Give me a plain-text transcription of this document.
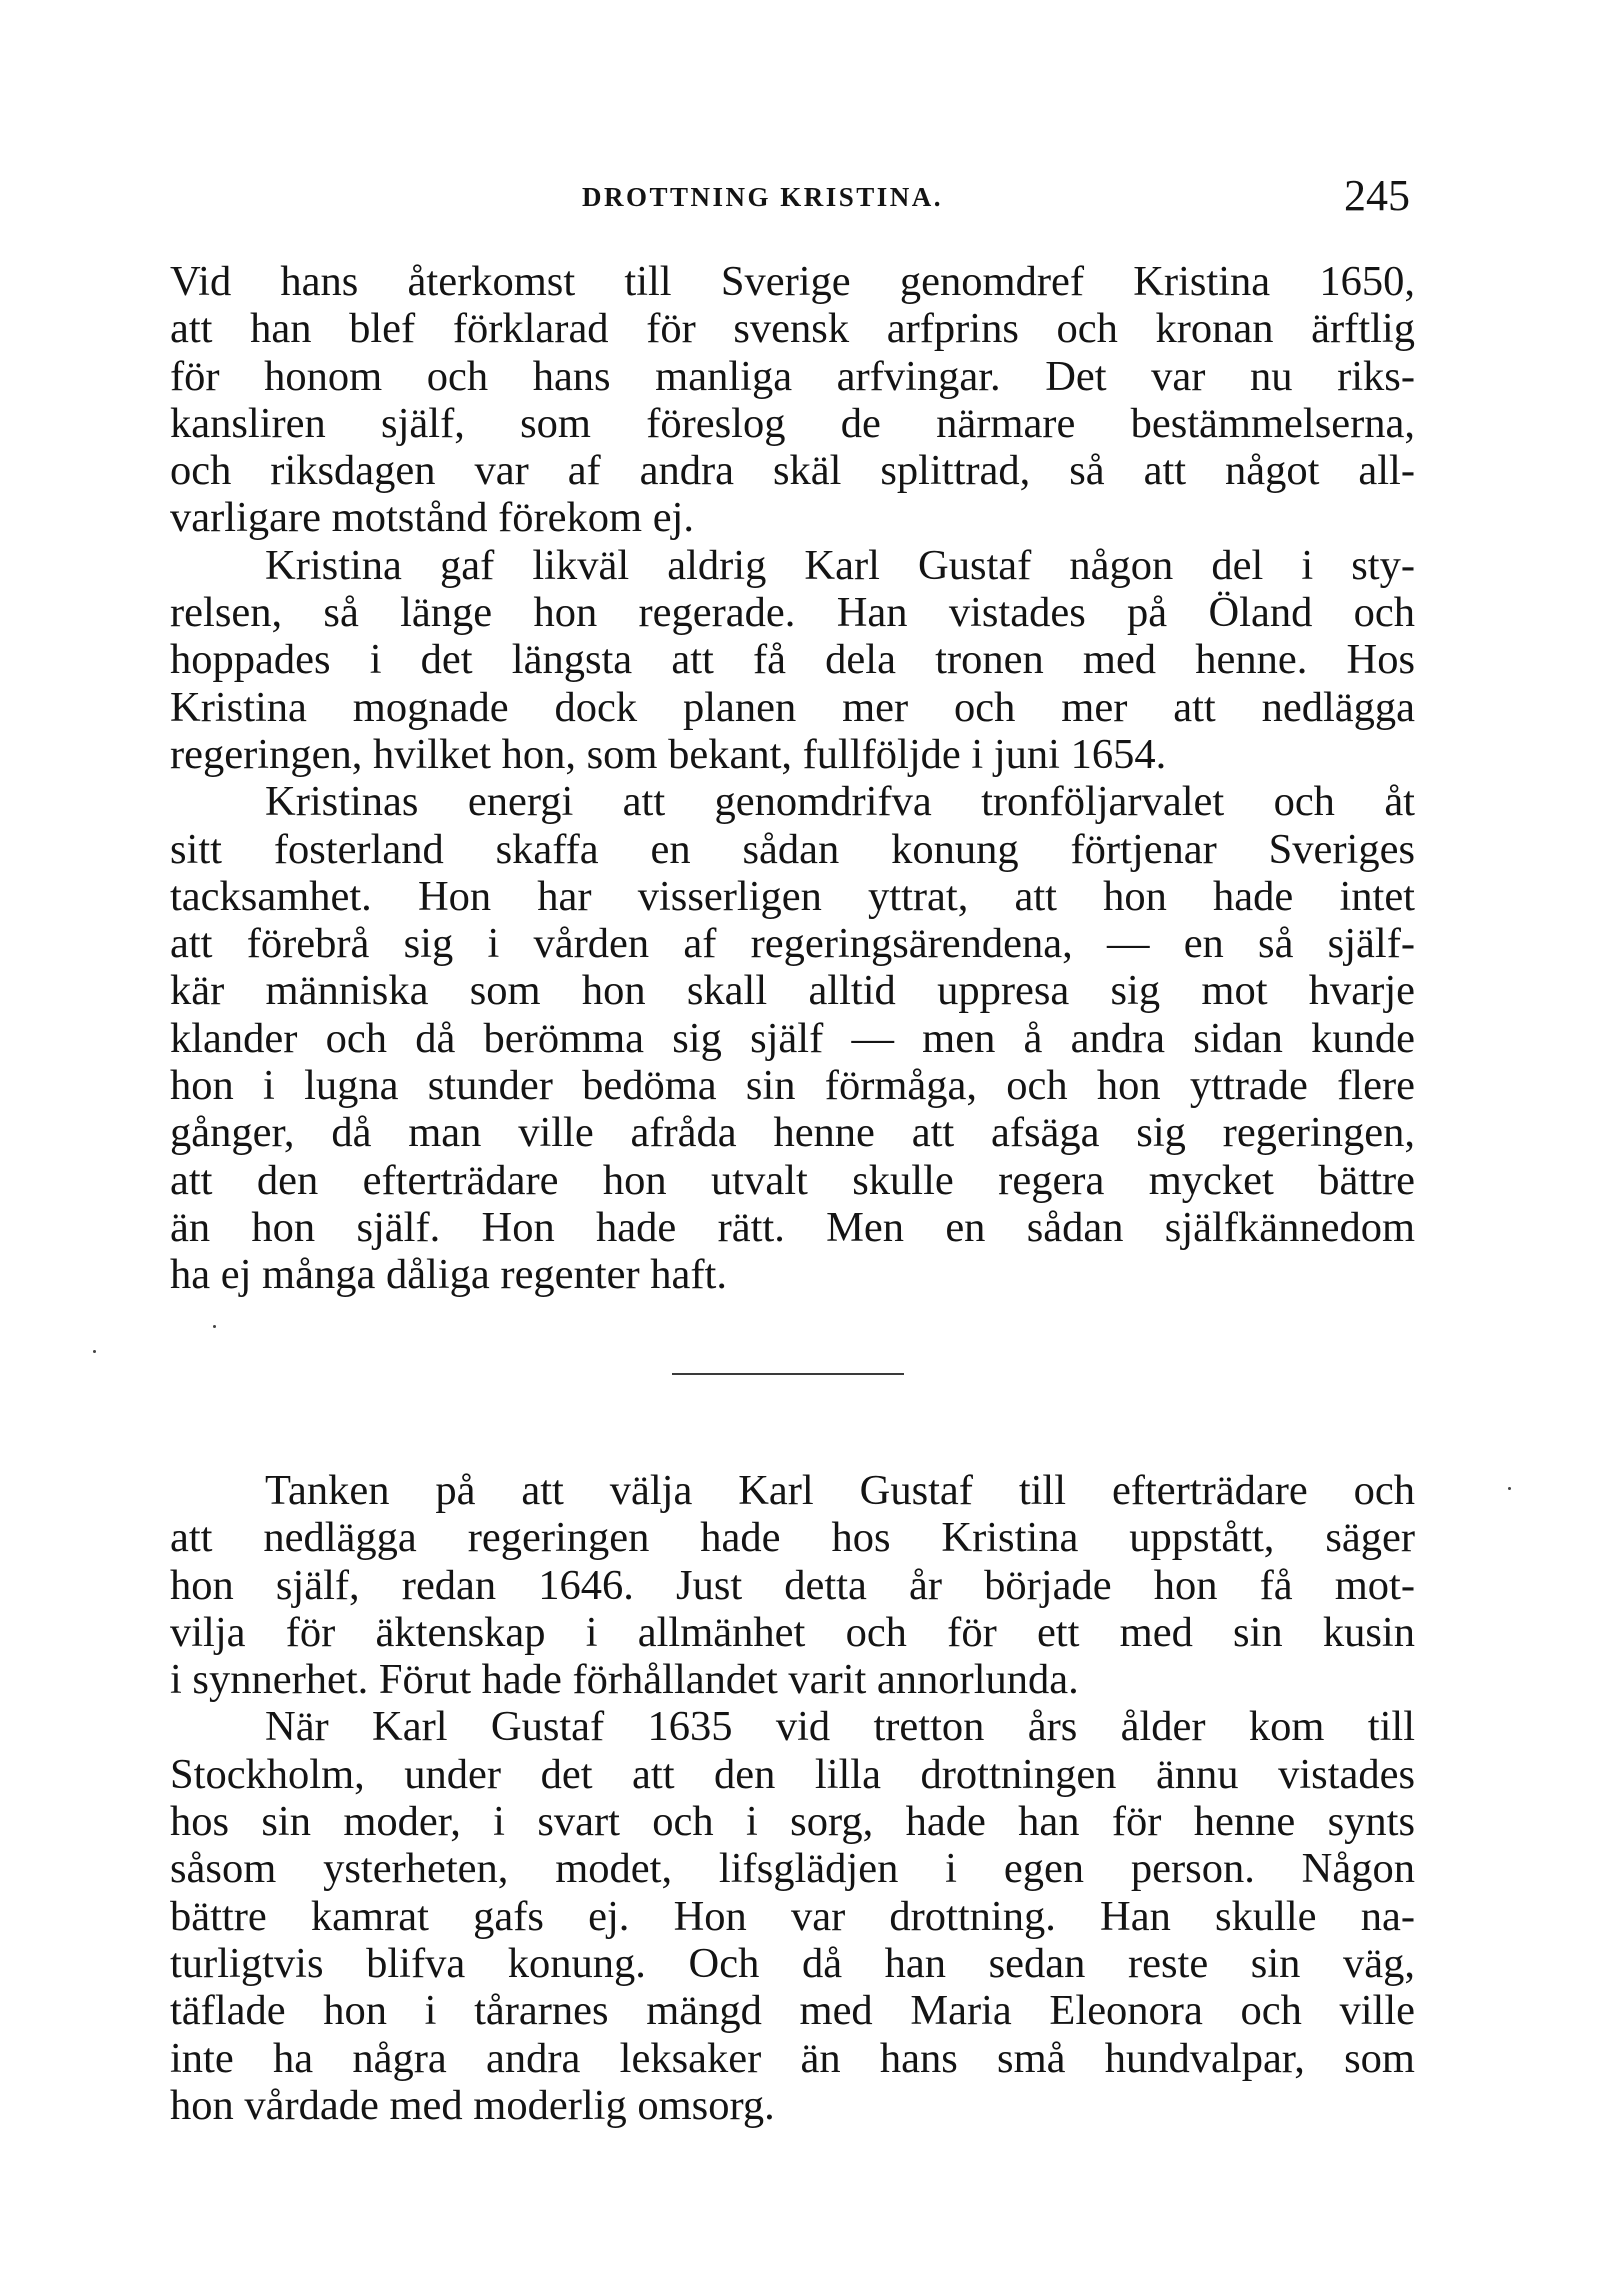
DROTTNING KRISTINA.	245
Vid hans återkomst till Sverige genomdref Kristina 1650,
att han blef förklarad för svensk arfprins och kronan ärftlig
för honom och hans manliga arfvingar. Det var nu riks-
kansliren själf, som föreslog de närmare bestämmelserna,
och riksdagen var af andra skäl splittrad, så att något all-
varligare motstånd förekom ej.
Kristina gaf likväl aldrig Karl Gustaf någon del i sty-
relsen, så länge hon regerade. Han vistades på Öland och
hoppades i det längsta att få dela tronen med henne. Hos
Kristina mognade dock planen mer och mer att nedlägga
regeringen, hvilket hon, som bekant, fullföljde i juni 1654.
Kristinas energi att genomdrifva tronföljarvalet och åt
sitt fosterland skaffa en sådan konung förtjenar Sveriges
tacksamhet. Hon har visserligen yttrat, att hon hade intet
att förebrå sig i vården af regeringsärendena, — en så själf-
kär människa som hon skall alltid uppresa sig mot hvarje
klander och då berömma sig själf — men å andra sidan kunde
hon i lugna stunder bedöma sin förmåga, och hon yttrade flere
gånger, då man ville afråda henne att afsäga sig regeringen,
att den efterträdare hon utvalt skulle regera mycket bättre
än hon själf. Hon hade rätt. Men en sådan själfkännedom
ha ej många dåliga regenter haft.
Tanken på att välja Karl Gustaf till efterträdare och
att nedlägga regeringen hade hos Kristina uppstått, säger
hon själf, redan 1646. Just detta år började hon få mot-
vilja för äktenskap i allmänhet och för ett med sin kusin
i synnerhet. Förut hade förhållandet varit annorlunda.
När Karl Gustaf 1635 vid tretton års ålder kom till
Stockholm, under det att den lilla drottningen ännu vistades
hos sin moder, i svart och i sorg, hade han för henne synts
såsom ysterheten, modet, lifsglädjen i egen person. Någon
bättre kamrat gafs ej. Hon var drottning. Han skulle na-
turligtvis blifva konung. Och då han sedan reste sin väg,
täflade hon i tårarnes mängd med Maria Eleonora och ville
inte ha några andra leksaker än hans små hundvalpar, som
hon vårdade med moderlig omsorg.
